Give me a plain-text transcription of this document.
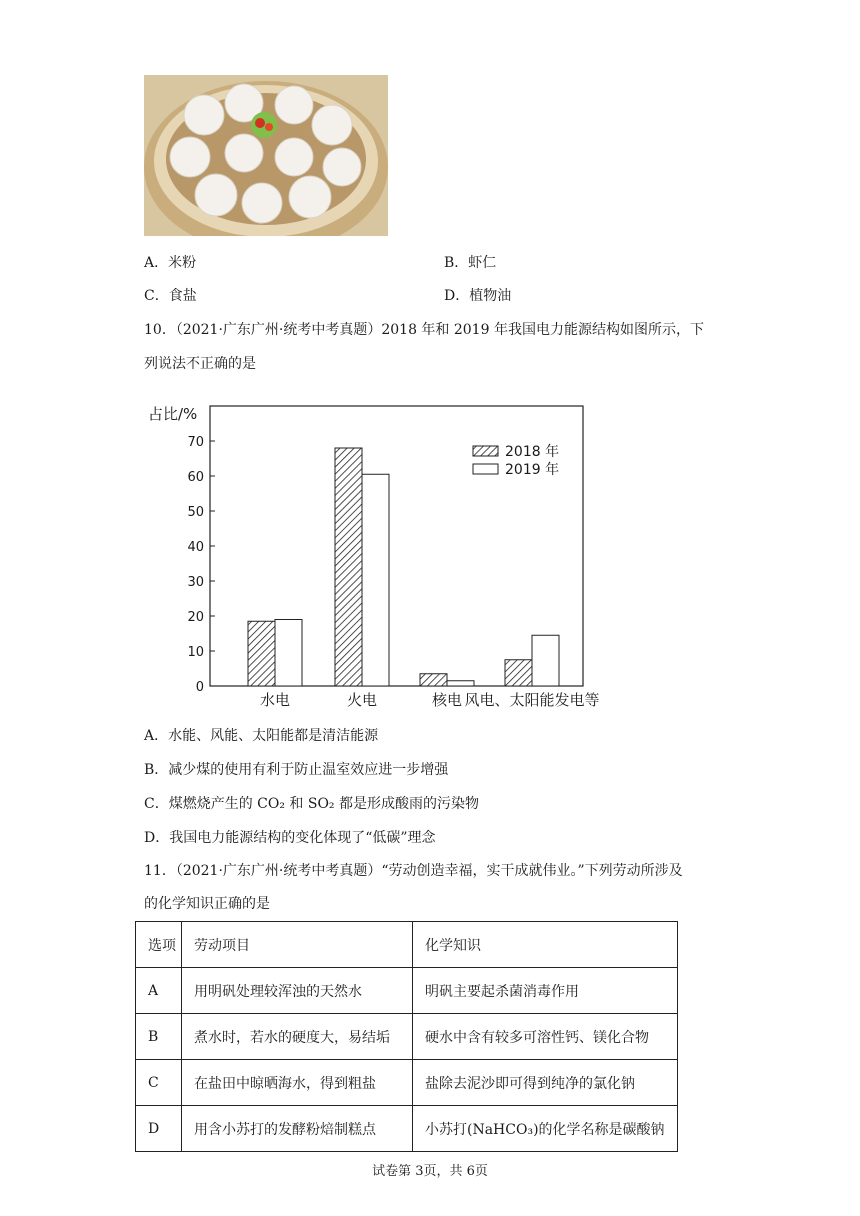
A．米粉	B．虾仁
C．食盐	D．植物油
10．（2021·广东广州·统考中考真题）2018 年和 2019 年我国电力能源结构如图所示，下
列说法不正确的是
占比/%
0
10
20
30
40
50
60
70
水电	火电	核电 风电、太阳能发电等
2018 年
2019 年
A．水能、风能、太阳能都是清洁能源
B．减少煤的使用有利于防止温室效应进一步增强
C．煤燃烧产生的 CO₂ 和 SO₂ 都是形成酸雨的污染物
D．我国电力能源结构的变化体现了“低碳”理念
11．（2021·广东广州·统考中考真题）“劳动创造幸福，实干成就伟业。”下列劳动所涉及
的化学知识正确的是
选项	劳动项目	化学知识
A	用明矾处理较浑浊的天然水	明矾主要起杀菌消毒作用
B	煮水时，若水的硬度大，易结垢	硬水中含有较多可溶性钙、镁化合物
C	在盐田中晾晒海水，得到粗盐	盐除去泥沙即可得到纯净的氯化钠
D	用含小苏打的发酵粉焙制糕点	小苏打(NaHCO₃)的化学名称是碳酸钠
试卷第 3页，共 6页
